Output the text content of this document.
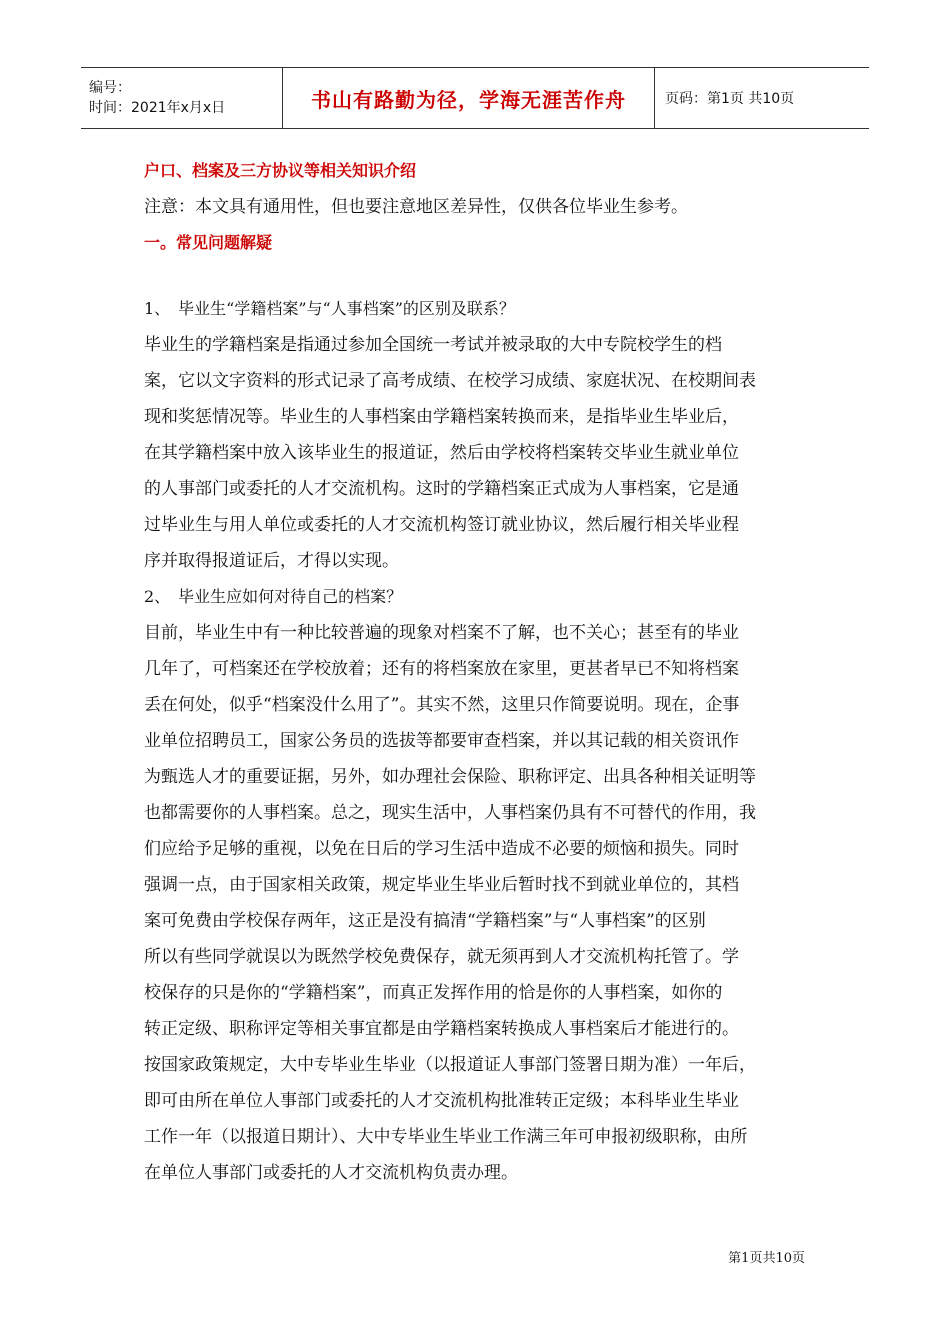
编号：
时间：2021年x月x日	书山有路勤为径，学海无涯苦作舟	页码：第1页 共10页

户口、档案及三方协议等相关知识介绍

注意：本文具有通用性，但也要注意地区差异性，仅供各位毕业生参考。

一。常见问题解疑

1、　毕业生“学籍档案”与“人事档案”的区别及联系？

毕业生的学籍档案是指通过参加全国统一考试并被录取的大中专院校学生的档

案，它以文字资料的形式记录了高考成绩、在校学习成绩、家庭状况、在校期间表

现和奖惩情况等。毕业生的人事档案由学籍档案转换而来，是指毕业生毕业后，

在其学籍档案中放入该毕业生的报道证，然后由学校将档案转交毕业生就业单位

的人事部门或委托的人才交流机构。这时的学籍档案正式成为人事档案，它是通

过毕业生与用人单位或委托的人才交流机构签订就业协议，然后履行相关毕业程

序并取得报道证后，才得以实现。

2、　毕业生应如何对待自己的档案？

目前，毕业生中有一种比较普遍的现象对档案不了解，也不关心；甚至有的毕业

几年了，可档案还在学校放着；还有的将档案放在家里，更甚者早已不知将档案

丢在何处，似乎“档案没什么用了”。其实不然，这里只作简要说明。现在，企事

业单位招聘员工，国家公务员的选拔等都要审查档案，并以其记载的相关资讯作

为甄选人才的重要证据，另外，如办理社会保险、职称评定、出具各种相关证明等

也都需要你的人事档案。总之，现实生活中，人事档案仍具有不可替代的作用，我

们应给予足够的重视，以免在日后的学习生活中造成不必要的烦恼和损失。同时

强调一点，由于国家相关政策，规定毕业生毕业后暂时找不到就业单位的，其档

案可免费由学校保存两年，这正是没有搞清“学籍档案”与“人事档案”的区别

所以有些同学就误以为既然学校免费保存，就无须再到人才交流机构托管了。学

校保存的只是你的“学籍档案”，而真正发挥作用的恰是你的人事档案，如你的

转正定级、职称评定等相关事宜都是由学籍档案转换成人事档案后才能进行的。

按国家政策规定，大中专毕业生毕业（以报道证人事部门签署日期为准）一年后，

即可由所在单位人事部门或委托的人才交流机构批准转正定级；本科毕业生毕业

工作一年（以报道日期计）、大中专毕业生毕业工作满三年可申报初级职称，由所

在单位人事部门或委托的人才交流机构负责办理。

第1页共10页
